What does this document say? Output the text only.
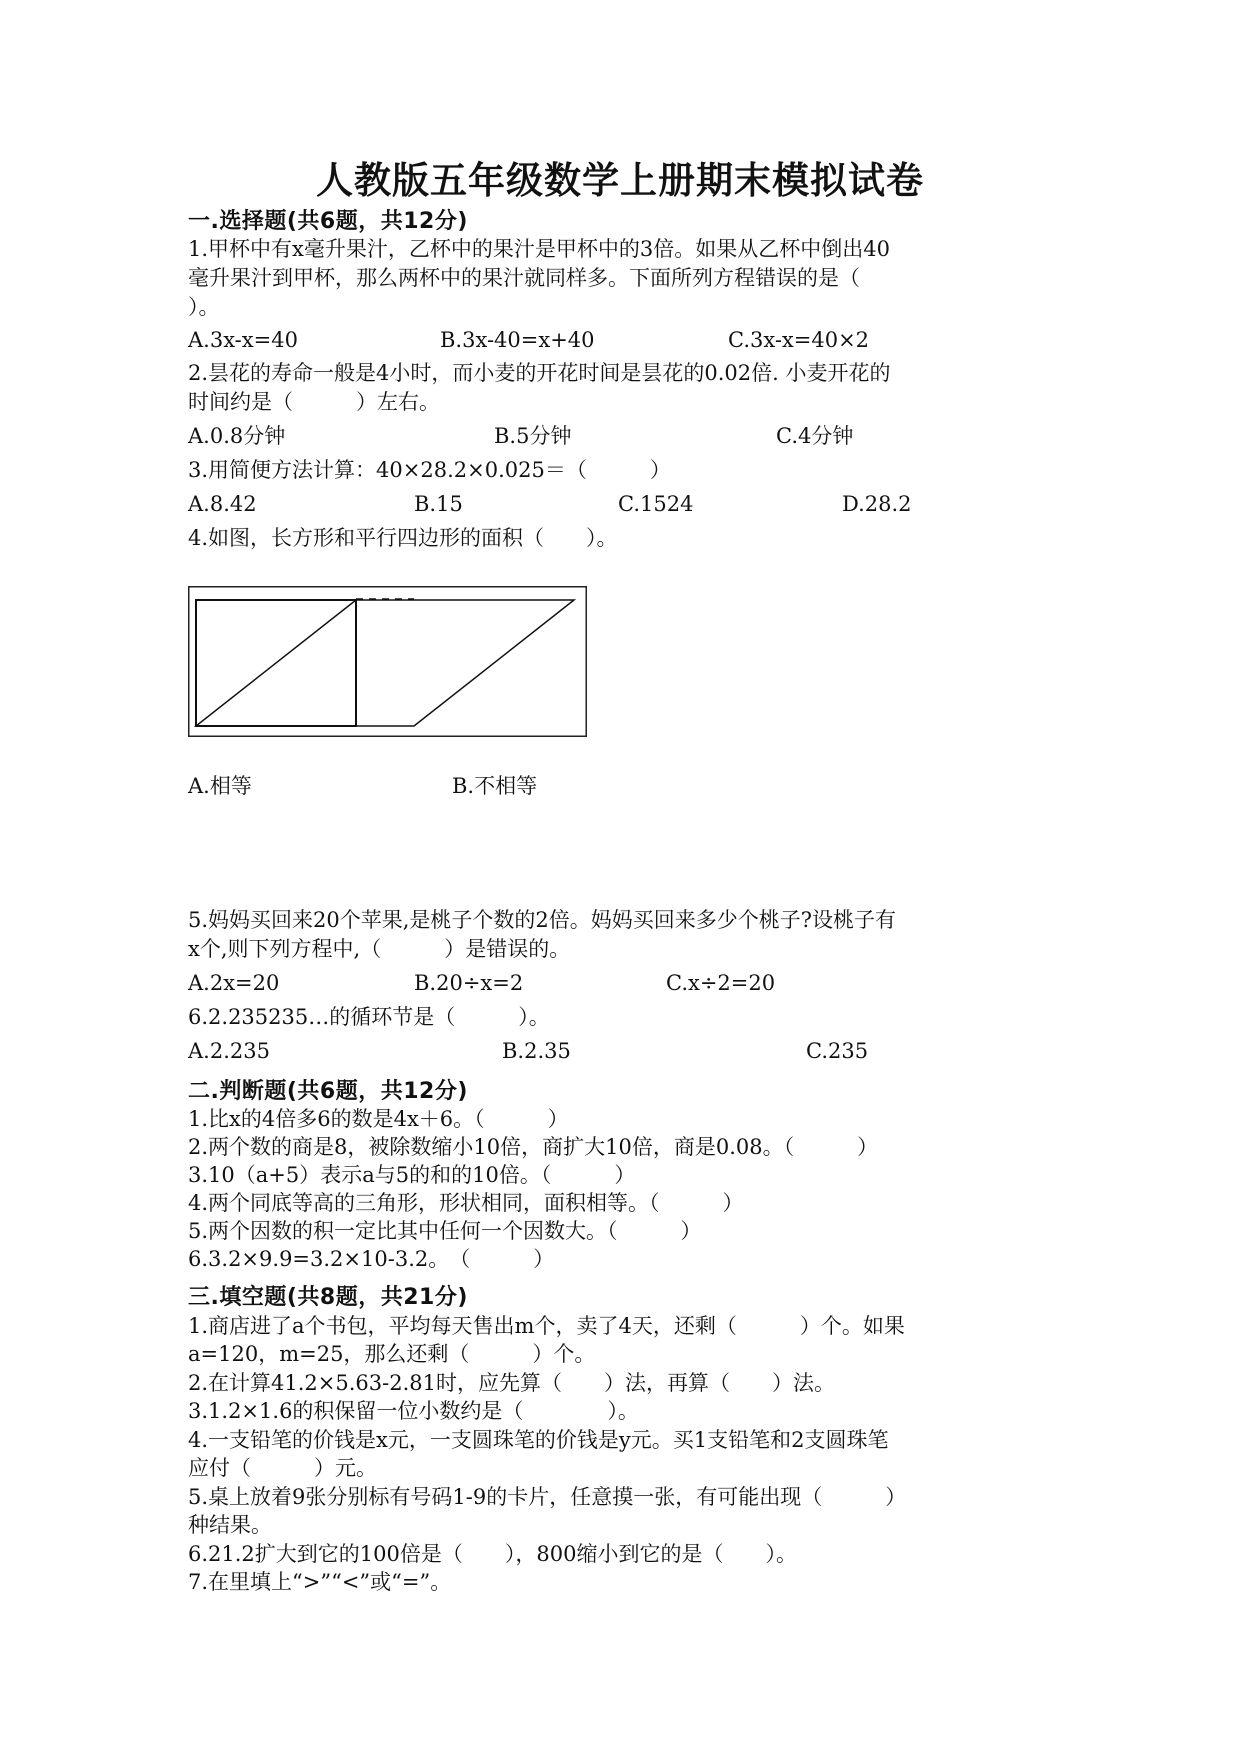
人教版五年级数学上册期末模拟试卷
一.选择题(共6题，共12分)
1.甲杯中有x毫升果汁，乙杯中的果汁是甲杯中的3倍。如果从乙杯中倒出40
毫升果汁到甲杯，那么两杯中的果汁就同样多。下面所列方程错误的是（
）。
A.3x-x=40	B.3x-40=x+40	C.3x-x=40×2
2.昙花的寿命一般是4小时，而小麦的开花时间是昙花的0.02倍. 小麦开花的
时间约是（　　　）左右。
A.0.8分钟	B.5分钟	C.4分钟
3.用简便方法计算：40×28.2×0.025＝（　　　）
A.8.42	B.15	C.1524	D.28.2
4.如图，长方形和平行四边形的面积（　　）。
A.相等	B.不相等
5.妈妈买回来20个苹果,是桃子个数的2倍。妈妈买回来多少个桃子?设桃子有
x个,则下列方程中,（　　　）是错误的。
A.2x=20	B.20÷x=2	C.x÷2=20
6.2.235235…的循环节是（　　　）。
A.2.235	B.2.35	C.235
二.判断题(共6题，共12分)
1.比x的4倍多6的数是4x＋6。（　　　）
2.两个数的商是8，被除数缩小10倍，商扩大10倍，商是0.08。（　　　）
3.10（a+5）表示a与5的和的10倍。（　　　）
4.两个同底等高的三角形，形状相同，面积相等。（　　　）
5.两个因数的积一定比其中任何一个因数大。（　　　）
6.3.2×9.9=3.2×10-3.2。　（　　　）
三.填空题(共8题，共21分)
1.商店进了a个书包，平均每天售出m个，卖了4天，还剩（　　　）个。如果
a=120，m=25，那么还剩（　　　）个。
2.在计算41.2×5.63-2.81时，应先算（　　）法，再算（　　）法。
3.1.2×1.6的积保留一位小数约是（　　　　）。
4.一支铅笔的价钱是x元，一支圆珠笔的价钱是y元。买1支铅笔和2支圆珠笔
应付（　　　）元。
5.桌上放着9张分别标有号码1-9的卡片，任意摸一张，有可能出现（　　　）
种结果。
6.21.2扩大到它的100倍是（　　），800缩小到它的是（　　）。
7.在里填上“>”“<”或“=”。
